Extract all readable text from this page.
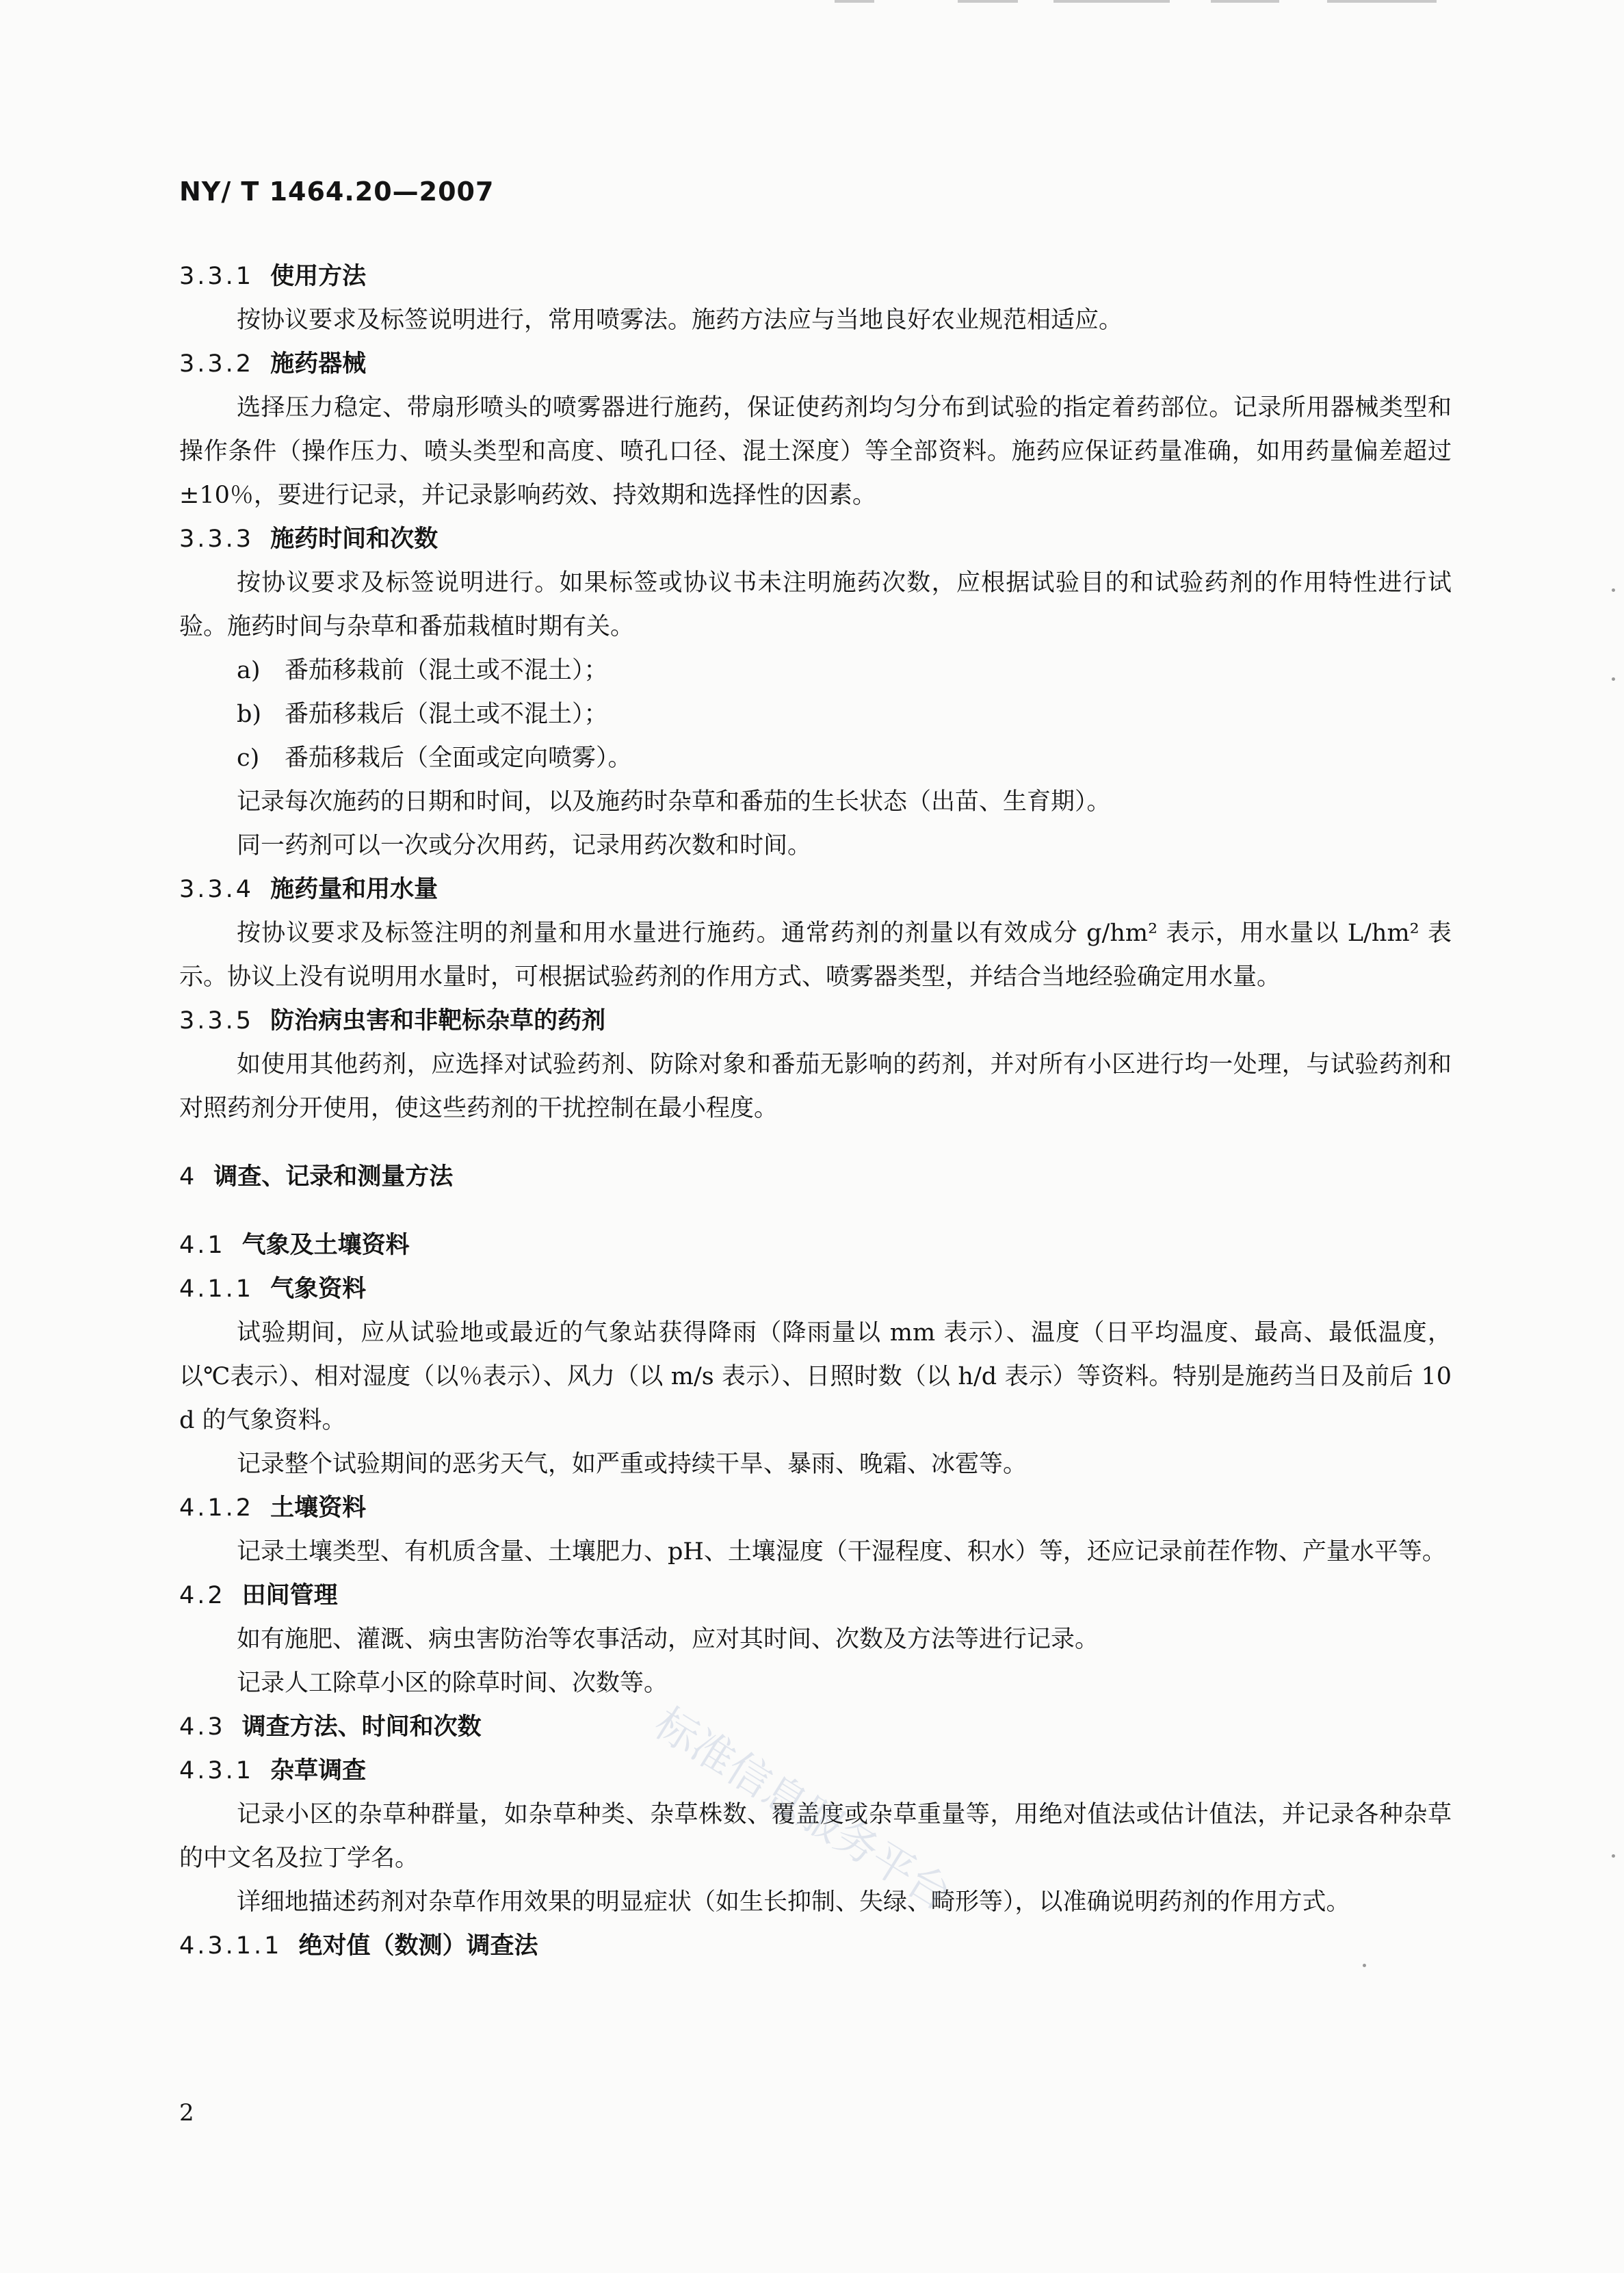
NY/ T 1464.20—2007
3.3.1 使用方法
按协议要求及标签说明进行，常用喷雾法。施药方法应与当地良好农业规范相适应。
3.3.2 施药器械
选择压力稳定、带扇形喷头的喷雾器进行施药，保证使药剂均匀分布到试验的指定着药部位。记录所用器械类型和操作条件（操作压力、喷头类型和高度、喷孔口径、混土深度）等全部资料。施药应保证药量准确，如用药量偏差超过±10％，要进行记录，并记录影响药效、持效期和选择性的因素。
3.3.3 施药时间和次数
按协议要求及标签说明进行。如果标签或协议书未注明施药次数，应根据试验目的和试验药剂的作用特性进行试验。施药时间与杂草和番茄栽植时期有关。
a) 番茄移栽前（混土或不混土）；
b) 番茄移栽后（混土或不混土）；
c) 番茄移栽后（全面或定向喷雾）。
记录每次施药的日期和时间，以及施药时杂草和番茄的生长状态（出苗、生育期）。
同一药剂可以一次或分次用药，记录用药次数和时间。
3.3.4 施药量和用水量
按协议要求及标签注明的剂量和用水量进行施药。通常药剂的剂量以有效成分 g/hm² 表示，用水量以 L/hm² 表示。协议上没有说明用水量时，可根据试验药剂的作用方式、喷雾器类型，并结合当地经验确定用水量。
3.3.5 防治病虫害和非靶标杂草的药剂
如使用其他药剂，应选择对试验药剂、防除对象和番茄无影响的药剂，并对所有小区进行均一处理，与试验药剂和对照药剂分开使用，使这些药剂的干扰控制在最小程度。
4 调查、记录和测量方法
4.1 气象及土壤资料
4.1.1 气象资料
试验期间，应从试验地或最近的气象站获得降雨（降雨量以 mm 表示）、温度（日平均温度、最高、最低温度，以℃表示）、相对湿度（以％表示）、风力（以 m/s 表示）、日照时数（以 h/d 表示）等资料。特别是施药当日及前后 10 d 的气象资料。
记录整个试验期间的恶劣天气，如严重或持续干旱、暴雨、晚霜、冰雹等。
4.1.2 土壤资料
记录土壤类型、有机质含量、土壤肥力、pH、土壤湿度（干湿程度、积水）等，还应记录前茬作物、产量水平等。
4.2 田间管理
如有施肥、灌溉、病虫害防治等农事活动，应对其时间、次数及方法等进行记录。
记录人工除草小区的除草时间、次数等。
4.3 调查方法、时间和次数
4.3.1 杂草调查
记录小区的杂草种群量，如杂草种类、杂草株数、覆盖度或杂草重量等，用绝对值法或估计值法，并记录各种杂草的中文名及拉丁学名。
详细地描述药剂对杂草作用效果的明显症状（如生长抑制、失绿、畸形等），以准确说明药剂的作用方式。
4.3.1.1 绝对值（数测）调查法
2
标准信息服务平台
